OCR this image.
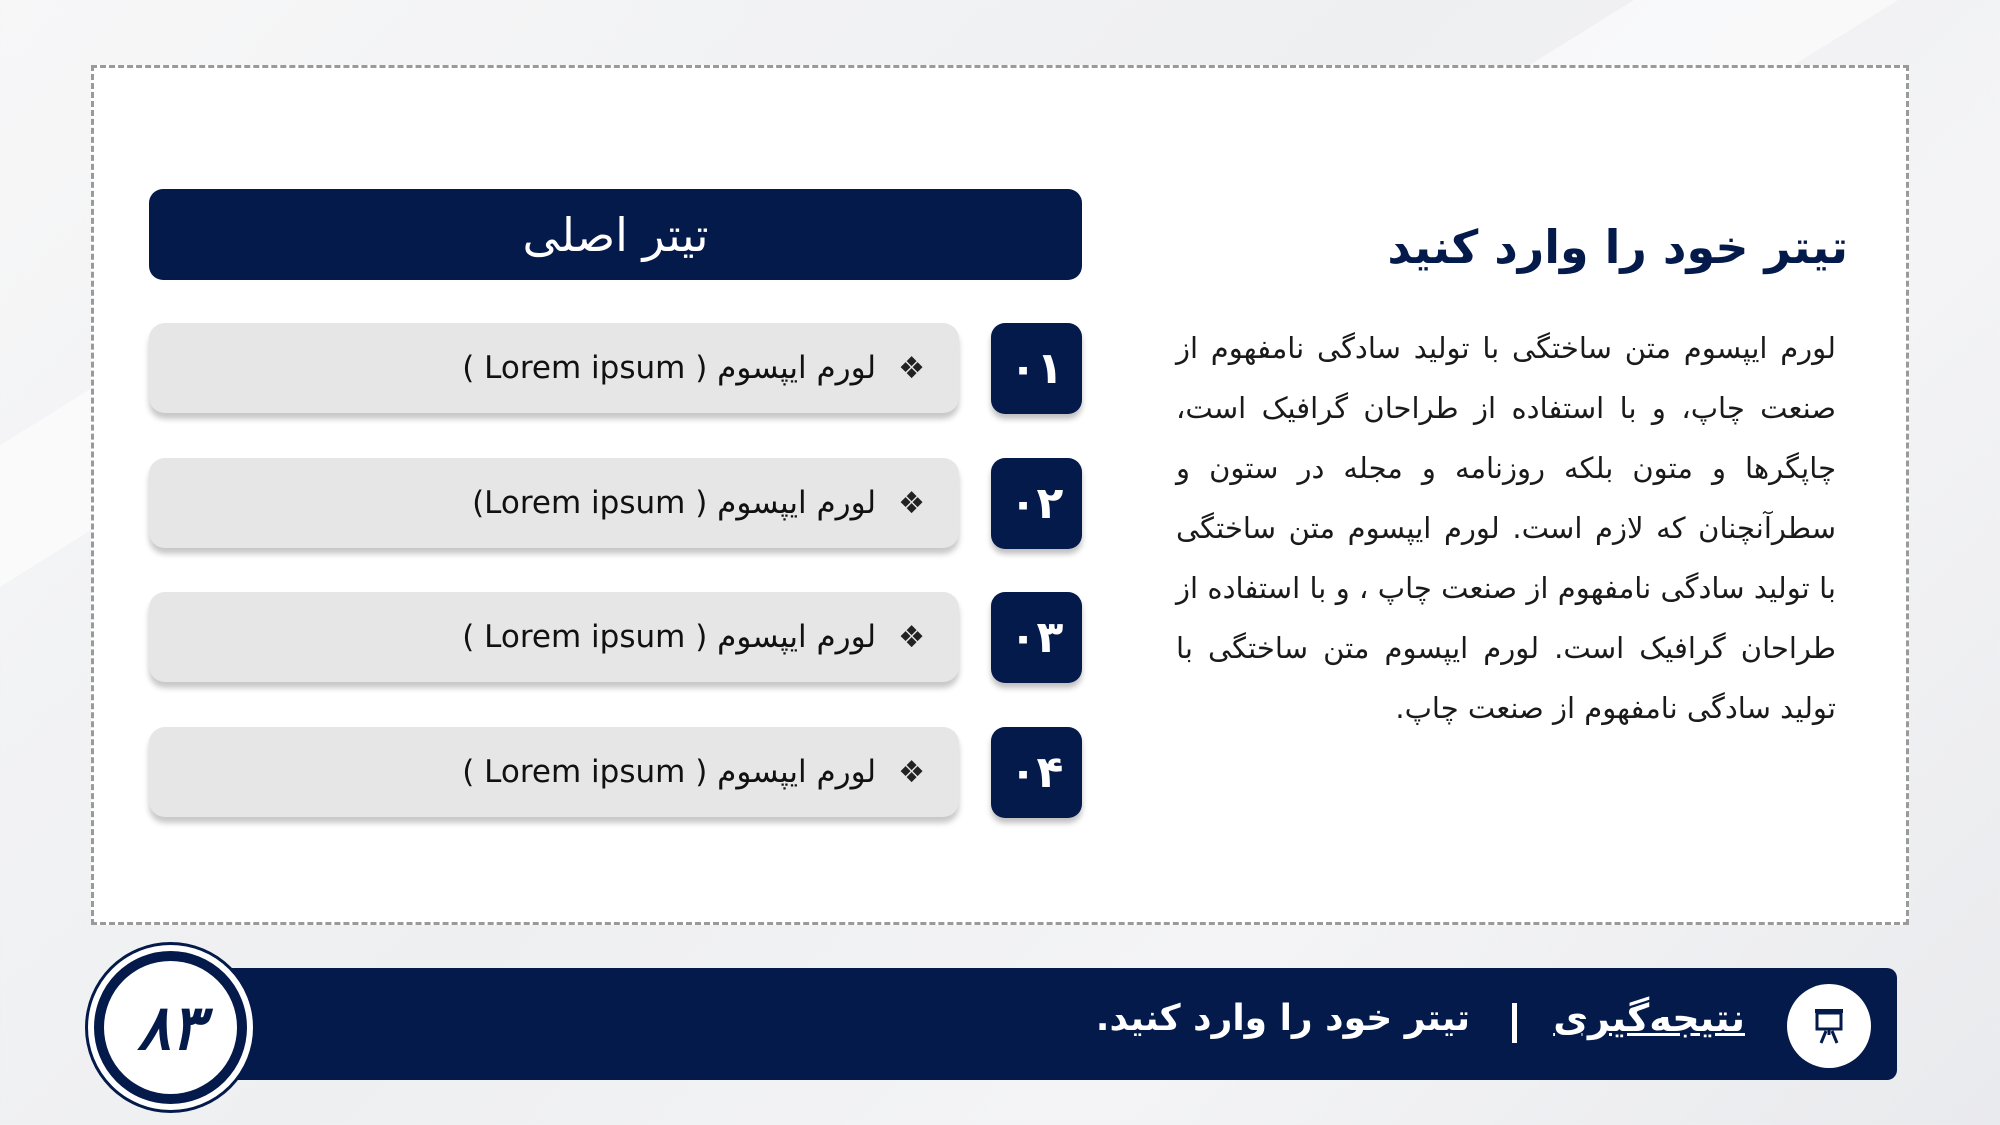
تیتر اصلی
لورم ایپسوم ( Lorem ipsum ) ❖ ۰۱
لورم ایپسوم ( Lorem ipsum) ❖ ۰۲
لورم ایپسوم ( Lorem ipsum ) ❖ ۰۳
لورم ایپسوم ( Lorem ipsum ) ❖ ۰۴
تیتر خود را وارد کنید
لورم ایپسوم متن ساختگی با تولید سادگی نامفهوم از صنعت چاپ، و با استفاده از طراحان گرافیک است، چاپگرها و متون بلکه روزنامه و مجله در ستون و سطرآنچنان که لازم است. لورم ایپسوم متن ساختگی با تولید سادگی نامفهوم از صنعت چاپ ، و با استفاده از طراحان گرافیک است. لورم ایپسوم متن ساختگی با تولید سادگی نامفهوم از صنعت چاپ.
نتیجه‌گیری
تیتر خود را وارد کنید.
۸۳
